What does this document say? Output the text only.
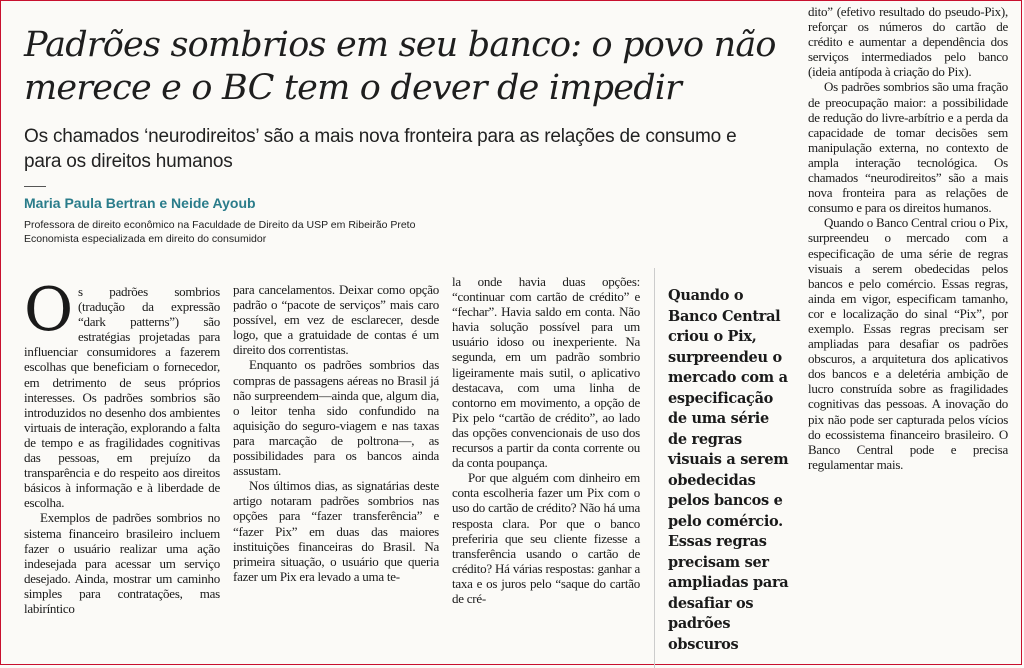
Padrões sombrios em seu banco: o povo não merece e o BC tem o dever de impedir

Os chamados ‘neurodireitos’ são a mais nova fronteira para as relações de consumo e para os direitos humanos

Maria Paula Bertran e Neide Ayoub

Professora de direito econômico na Faculdade de Direito da USP em Ribeirão Preto
Economista especializada em direito do consumidor

Os padrões sombrios (tradução da expressão “dark patterns”) são estratégias projetadas para influenciar consumidores a fazerem escolhas que beneficiam o fornecedor, em detrimento de seus próprios interesses. Os padrões sombrios são introduzidos no desenho dos ambientes virtuais de interação, explorando a falta de tempo e as fragilidades cognitivas das pessoas, em prejuízo da transparência e do respeito aos direitos básicos à informação e à liberdade de escolha.

Exemplos de padrões sombrios no sistema financeiro brasileiro incluem fazer o usuário realizar uma ação indesejada para acessar um serviço desejado. Ainda, mostrar um caminho simples para contratações, mas labiríntico

para cancelamentos. Deixar como opção padrão o “pacote de serviços” mais caro possível, em vez de esclarecer, desde logo, que a gratuidade de contas é um direito dos correntistas.

Enquanto os padrões sombrios das compras de passagens aéreas no Brasil já não surpreendem—ainda que, algum dia, o leitor tenha sido confundido na aquisição do seguro-viagem e nas taxas para marcação de poltrona—, as possibilidades para os bancos ainda assustam.

Nos últimos dias, as signatárias deste artigo notaram padrões sombrios nas opções para “fazer transferência” e “fazer Pix” em duas das maiores instituições financeiras do Brasil. Na primeira situação, o usuário que queria fazer um Pix era levado a uma te-

la onde havia duas opções: “continuar com cartão de crédito” e “fechar”. Havia saldo em conta. Não havia solução possível para um usuário idoso ou inexperiente. Na segunda, em um padrão sombrio ligeiramente mais sutil, o aplicativo destacava, com uma linha de contorno em movimento, a opção de Pix pelo “cartão de crédito”, ao lado das opções convencionais de uso dos recursos a partir da conta corrente ou da conta poupança.

Por que alguém com dinheiro em conta escolheria fazer um Pix com o uso do cartão de crédito? Não há uma resposta clara. Por que o banco preferiria que seu cliente fizesse a transferência usando o cartão de crédito? Há várias respostas: ganhar a taxa e os juros pelo “saque do cartão de cré-

Quando o Banco Central criou o Pix, surpreendeu o mercado com a especificação de uma série de regras visuais a serem obedecidas pelos bancos e pelo comércio. Essas regras precisam ser ampliadas para desafiar os padrões obscuros

dito” (efetivo resultado do pseudo-Pix), reforçar os números do cartão de crédito e aumentar a dependência dos serviços intermediados pelo banco (ideia antípoda à criação do Pix).

Os padrões sombrios são uma fração de preocupação maior: a possibilidade de redução do livre-arbítrio e a perda da capacidade de tomar decisões sem manipulação externa, no contexto de ampla interação tecnológica. Os chamados “neurodireitos” são a mais nova fronteira para as relações de consumo e para os direitos humanos.

Quando o Banco Central criou o Pix, surpreendeu o mercado com a especificação de uma série de regras visuais a serem obedecidas pelos bancos e pelo comércio. Essas regras, ainda em vigor, especificam tamanho, cor e localização do sinal “Pix”, por exemplo. Essas regras precisam ser ampliadas para desafiar os padrões obscuros, a arquitetura dos aplicativos dos bancos e a deletéria ambição de lucro construída sobre as fragilidades cognitivas das pessoas. A inovação do pix não pode ser capturada pelos vícios do ecossistema financeiro brasileiro. O Banco Central pode e precisa regulamentar mais.
